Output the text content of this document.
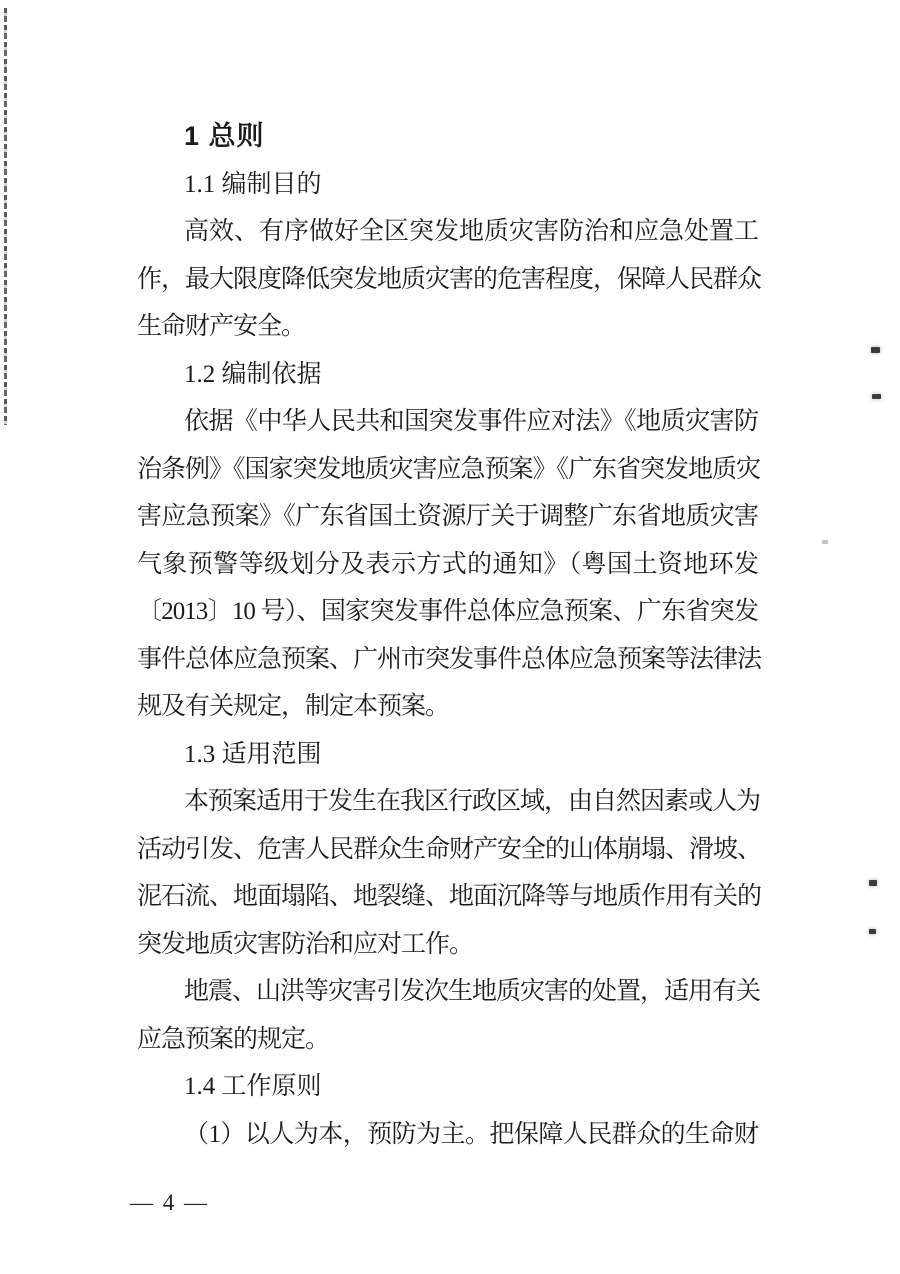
1 总则
1.1 编制目的
高效、有序做好全区突发地质灾害防治和应急处置工
作，最大限度降低突发地质灾害的危害程度，保障人民群众
生命财产安全。
1.2 编制依据
依据《中华人民共和国突发事件应对法》《地质灾害防
治条例》《国家突发地质灾害应急预案》《广东省突发地质灾
害应急预案》《广东省国土资源厅关于调整广东省地质灾害
气象预警等级划分及表示方式的通知》（粤国土资地环发
〔2013〕10 号）、国家突发事件总体应急预案、广东省突发
事件总体应急预案、广州市突发事件总体应急预案等法律法
规及有关规定，制定本预案。
1.3 适用范围
本预案适用于发生在我区行政区域，由自然因素或人为
活动引发、危害人民群众生命财产安全的山体崩塌、滑坡、
泥石流、地面塌陷、地裂缝、地面沉降等与地质作用有关的
突发地质灾害防治和应对工作。
地震、山洪等灾害引发次生地质灾害的处置，适用有关
应急预案的规定。
1.4 工作原则
（1）以人为本，预防为主。把保障人民群众的生命财
— 4 —
